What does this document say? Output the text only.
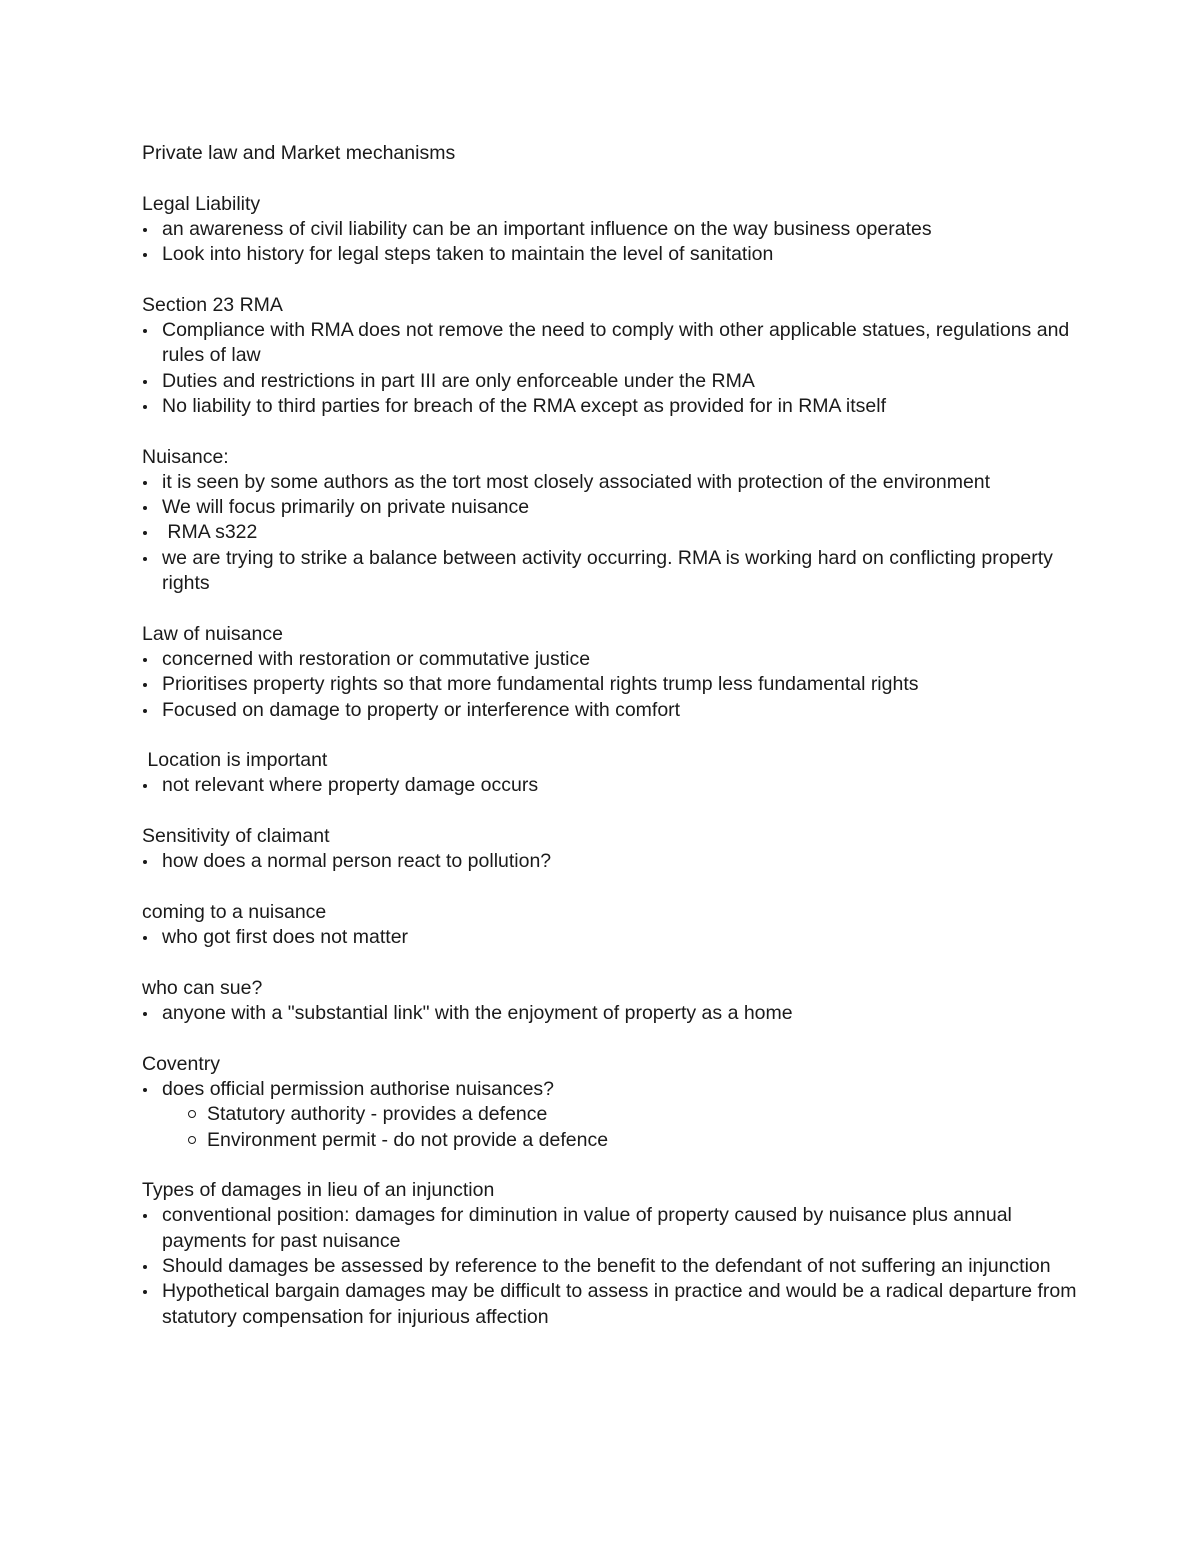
Private law and Market mechanisms
Legal Liability
an awareness of civil liability can be an important influence on the way business operates
Look into history for legal steps taken to maintain the level of sanitation
Section 23 RMA
Compliance with RMA does not remove the need to comply with other applicable statues, regulations and rules of law
Duties and restrictions in part III are only enforceable under the RMA
No liability to third parties for breach of the RMA except as provided for in RMA itself
Nuisance:
it is seen by some authors as the tort most closely associated with protection of the environment
We will focus primarily on private nuisance
RMA s322
we are trying to strike a balance between activity occurring. RMA is working hard on conflicting property rights
Law of nuisance
concerned with restoration or commutative justice
Prioritises property rights so that more fundamental rights trump less fundamental rights
Focused on damage to property or interference with comfort
Location is important
not relevant where property damage occurs
Sensitivity of claimant
how does a normal person react to pollution?
coming to a nuisance
who got first does not matter
who can sue?
anyone with a "substantial link" with the enjoyment of property as a home
Coventry
does official permission authorise nuisances?
Statutory authority - provides a defence
Environment permit - do not provide a defence
Types of damages in lieu of an injunction
conventional position: damages for diminution in value of property caused by nuisance plus annual payments for past nuisance
Should damages be assessed by reference to the benefit to the defendant of not suffering an injunction
Hypothetical bargain damages may be difficult to assess in practice and would be a radical departure from statutory compensation for injurious affection
